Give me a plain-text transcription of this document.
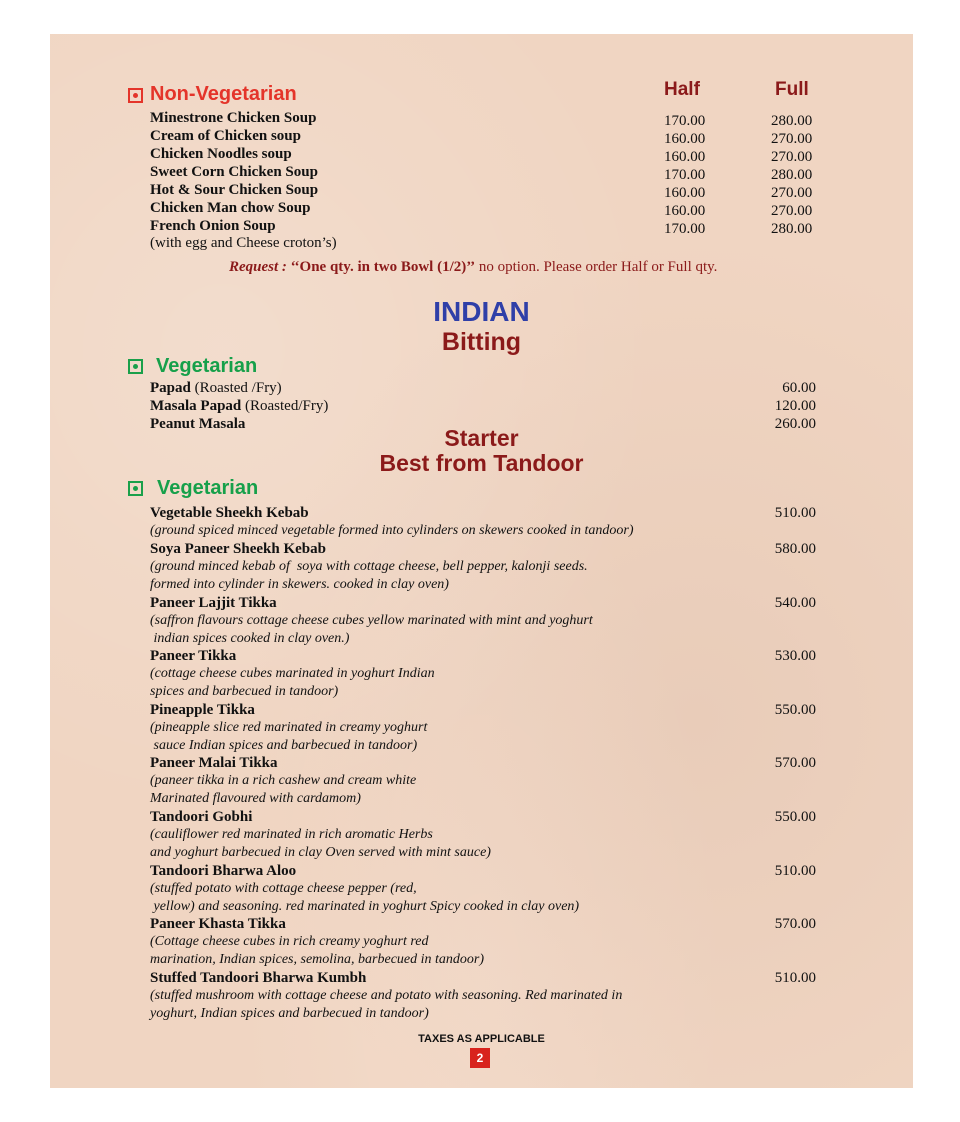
Non-Vegetarian	Half	Full
Minestrone Chicken Soup	170.00	280.00
Cream of Chicken soup	160.00	270.00
Chicken Noodles soup	160.00	270.00
Sweet Corn Chicken Soup	170.00	280.00
Hot & Sour Chicken Soup	160.00	270.00
Chicken Man chow Soup	160.00	270.00
French Onion Soup	170.00	280.00
(with egg and Cheese croton’s)
Request : ‘‘One qty. in two Bowl (1/2)’’ no option. Please order Half or Full qty.
INDIAN
Bitting
Vegetarian
Papad (Roasted /Fry)	60.00
Masala Papad (Roasted/Fry)	120.00
Peanut Masala	260.00
Starter
Best from Tandoor
Vegetarian
Vegetable Sheekh Kebab	510.00
(ground spiced minced vegetable formed into cylinders on skewers cooked in tandoor)
Soya Paneer Sheekh Kebab	580.00
(ground minced kebab of  soya with cottage cheese, bell pepper, kalonji seeds.
formed into cylinder in skewers. cooked in clay oven)
Paneer Lajjit Tikka	540.00
(saffron flavours cottage cheese cubes yellow marinated with mint and yoghurt
indian spices cooked in clay oven.)
Paneer Tikka	530.00
(cottage cheese cubes marinated in yoghurt Indian
spices and barbecued in tandoor)
Pineapple Tikka	550.00
(pineapple slice red marinated in creamy yoghurt
sauce Indian spices and barbecued in tandoor)
Paneer Malai Tikka	570.00
(paneer tikka in a rich cashew and cream white
Marinated flavoured with cardamom)
Tandoori Gobhi	550.00
(cauliflower red marinated in rich aromatic Herbs
and yoghurt barbecued in clay Oven served with mint sauce)
Tandoori Bharwa Aloo	510.00
(stuffed potato with cottage cheese pepper (red,
yellow) and seasoning. red marinated in yoghurt Spicy cooked in clay oven)
Paneer Khasta Tikka	570.00
(Cottage cheese cubes in rich creamy yoghurt red
marination, Indian spices, semolina, barbecued in tandoor)
Stuffed Tandoori Bharwa Kumbh	510.00
(stuffed mushroom with cottage cheese and potato with seasoning. Red marinated in
yoghurt, Indian spices and barbecued in tandoor)
TAXES AS APPLICABLE
2
